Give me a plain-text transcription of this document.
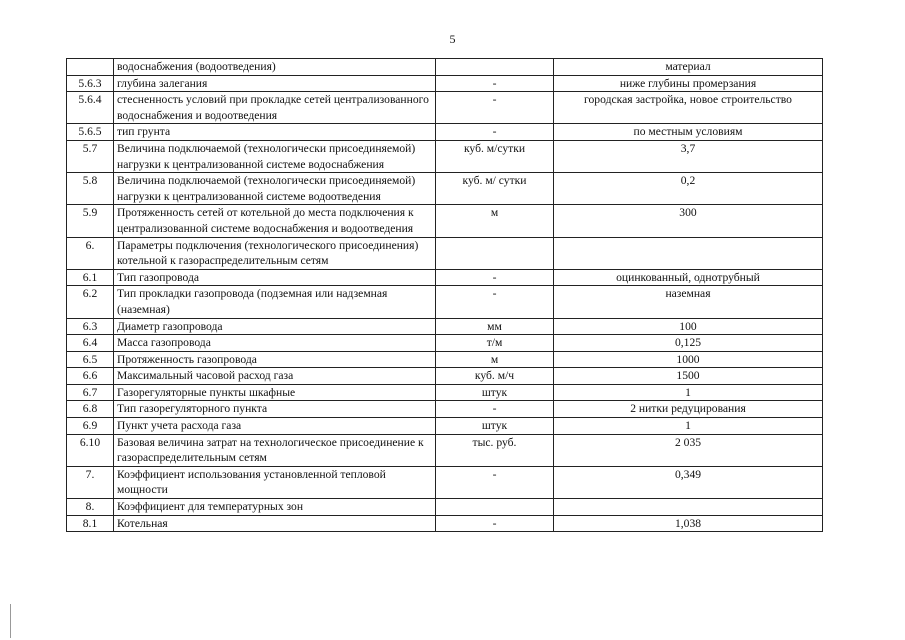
5
	водоснабжения (водоотведения)		материал
5.6.3	глубина залегания	-	ниже глубины промерзания
5.6.4	стесненность условий при прокладке сетей централизованного водоснабжения и водоотведения	-	городская застройка, новое строительство
5.6.5	тип грунта	-	по местным условиям
5.7	Величина подключаемой (технологически присоединяемой) нагрузки к централизованной системе водоснабжения	куб. м/сутки	3,7
5.8	Величина подключаемой (технологически присоединяемой) нагрузки к централизованной системе водоотведения	куб. м/ сутки	0,2
5.9	Протяженность сетей от котельной до места подключения к централизованной системе водоснабжения и водоотведения	м	300
6.	Параметры подключения (технологического присоединения) котельной к газораспределительным сетям		
6.1	Тип газопровода	-	оцинкованный, однотрубный
6.2	Тип прокладки газопровода (подземная или надземная (наземная)	-	наземная
6.3	Диаметр газопровода	мм	100
6.4	Масса газопровода	т/м	0,125
6.5	Протяженность газопровода	м	1000
6.6	Максимальный часовой расход газа	куб. м/ч	1500
6.7	Газорегуляторные пункты шкафные	штук	1
6.8	Тип газорегуляторного пункта	-	2 нитки редуцирования
6.9	Пункт учета расхода газа	штук	1
6.10	Базовая величина затрат на технологическое присоединение к газораспределительным сетям	тыс. руб.	2 035
7.	Коэффициент использования установленной тепловой мощности	-	0,349
8.	Коэффициент для температурных зон		
8.1	Котельная	-	1,038
